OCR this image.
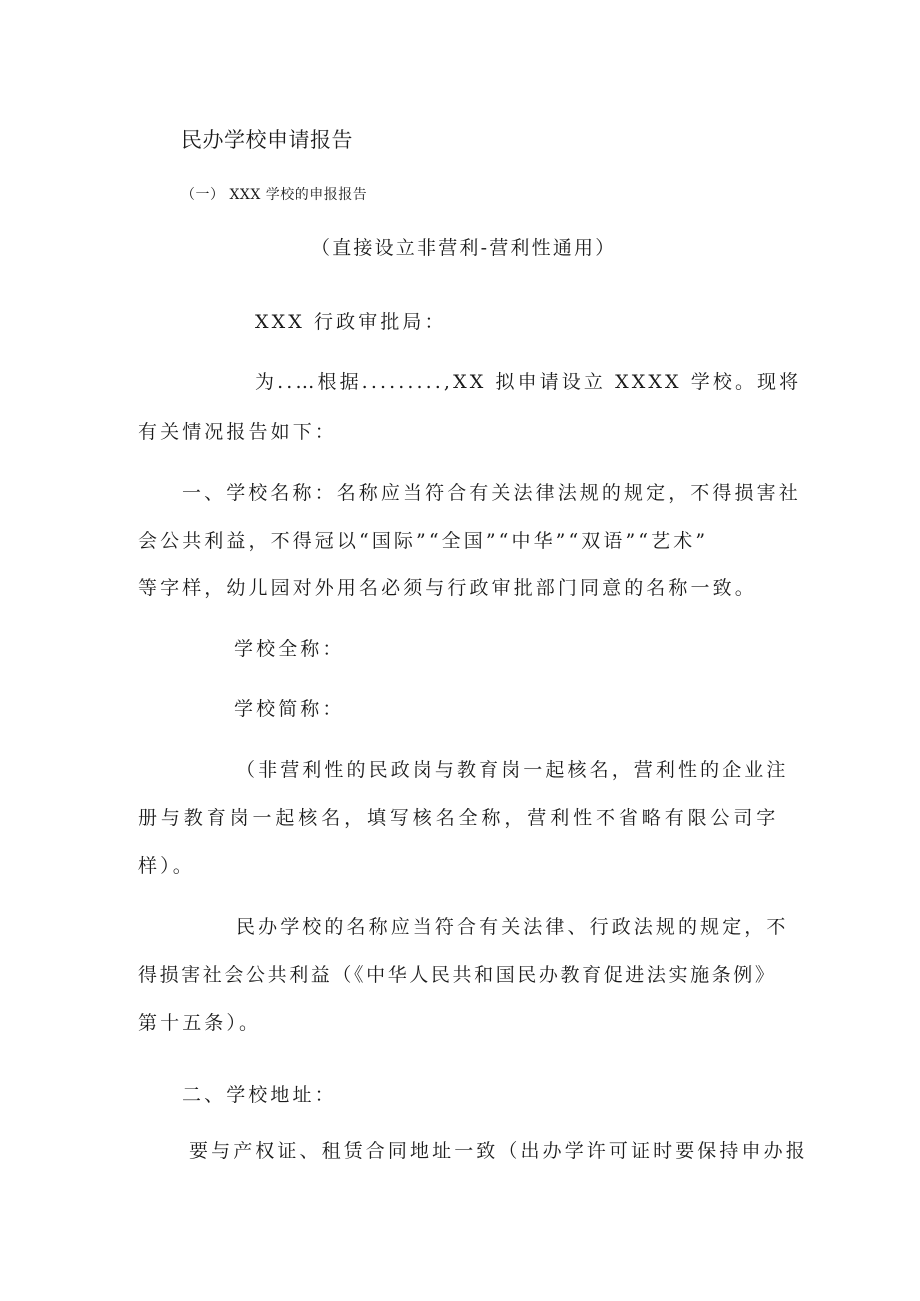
民办学校申请报告

（一） XXX 学校的申报报告

（直接设立非营利-营利性通用）

XXX 行政审批局：

为..…根据.........,XX 拟申请设立 XXXX 学校。现将

有关情况报告如下：

一、学校名称：名称应当符合有关法律法规的规定，不得损害社

会公共利益，不得冠以“国际”“全国”“中华”“双语”“艺术”

等字样，幼儿园对外用名必须与行政审批部门同意的名称一致。

学校全称：

学校简称：

（非营利性的民政岗与教育岗一起核名，营利性的企业注

册与教育岗一起核名，填写核名全称，营利性不省略有限公司字

样）。

民办学校的名称应当符合有关法律、行政法规的规定，不

得损害社会公共利益（《中华人民共和国民办教育促进法实施条例》

第十五条）。

二、学校地址：

要与产权证、租赁合同地址一致（出办学许可证时要保持申办报
